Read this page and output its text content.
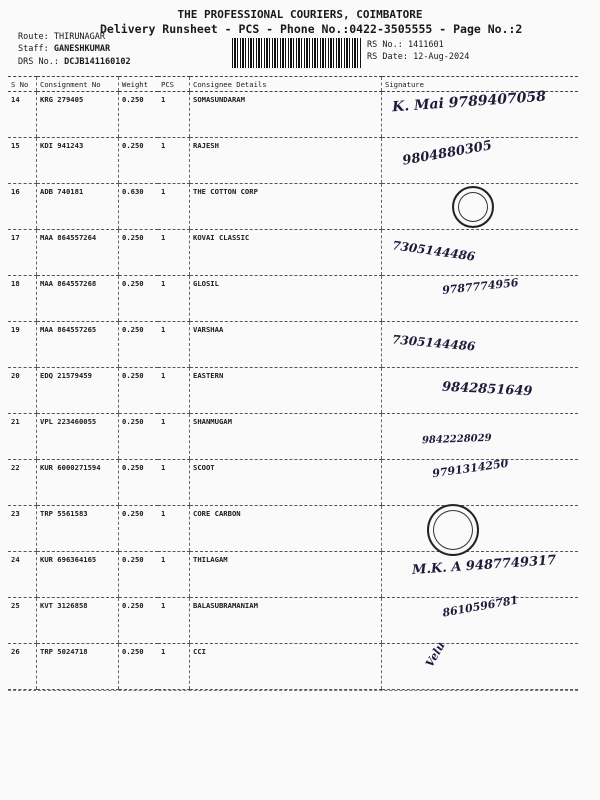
THE PROFESSIONAL COURIERS, COIMBATORE
Delivery Runsheet - PCS - Phone No.:0422-3505555 - Page No.:2
Route: THIRUNAGAR
Staff: GANESHKUMAR
DRS No.: DCJB141160102
RS No.: 1411601
RS Date: 12-Aug-2024
S No	Consignment No	Weight	PCS	Consignee Details	Signature
14	KRG 279405	0.250	1	SOMASUNDARAM	K. Mai 9789407058

15	KDI 941243	0.250	1	RAJESH	9804880305

16	ADB 740181	0.630	1	THE COTTON CORP	

17	MAA 864557264	0.250	1	KOVAI CLASSIC	7305144486

18	MAA 864557268	0.250	1	GLOSIL	9787774956

19	MAA 864557265	0.250	1	VARSHAA	7305144486

20	EDQ 21579459	0.250	1	EASTERN	9842851649

21	VPL 223460055	0.250	1	SHANMUGAM	9842228029

22	KUR 6000271594	0.250	1	SCOOT	9791314250

23	TRP 5561583	0.250	1	CORE CARBON	

24	KUR 696364165	0.250	1	THILAGAM	M.K. A 9487749317

25	KVT 3126858	0.250	1	BALASUBRAMANIAM	8610596781

26	TRP 5024718	0.250	1	CCI	Velu
